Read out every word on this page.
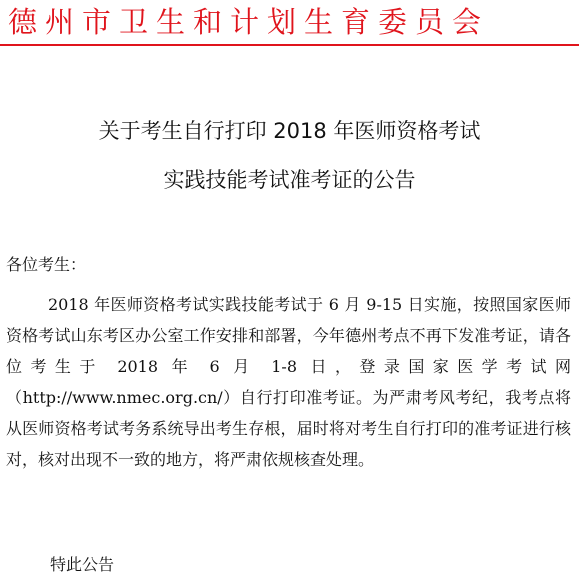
德州市卫生和计划生育委员会
关于考生自行打印 2018 年医师资格考试
实践技能考试准考证的公告
各位考生：

2018 年医师资格考试实践技能考试于 6 月 9-15 日实施，按照国家医师资格考试山东考区办公室工作安排和部署，今年德州考点不再下发准考证，请各位考生于 2018 年 6 月 1-8 日，登录国家医学考试网（http://www.nmec.org.cn/）自行打印准考证。为严肃考风考纪，我考点将从医师资格考试考务系统导出考生存根，届时将对考生自行打印的准考证进行核对，核对出现不一致的地方，将严肃依规核查处理。

特此公告
